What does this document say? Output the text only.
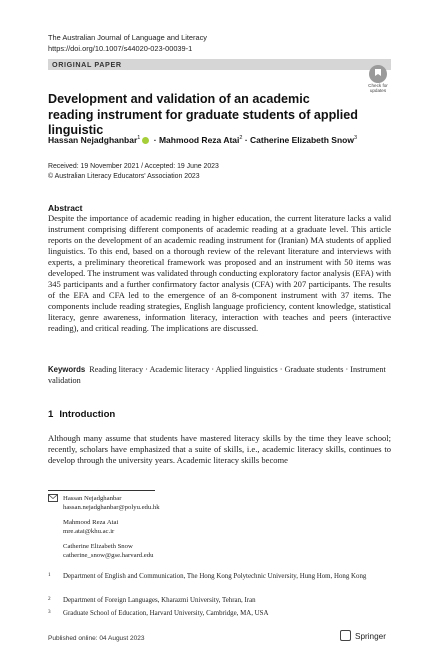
The Australian Journal of Language and Literacy
https://doi.org/10.1007/s44020-023-00039-1
ORIGINAL PAPER
Check for
updates
Development and validation of an academic reading instrument for graduate students of applied linguistic
Hassan Nejadghanbar$^1$ · Mahmood Reza Atai$^2$ · Catherine Elizabeth Snow$^3$
Received: 19 November 2021 / Accepted: 19 June 2023
© Australian Literacy Educators' Association 2023
Abstract
Despite the importance of academic reading in higher education, the current literature lacks a valid instrument comprising different components of academic reading at a graduate level. This article reports on the development of an academic reading instrument for (Iranian) MA students of applied linguistics. To this end, based on a thorough review of the relevant literature and interviews with experts, a preliminary theoretical framework was proposed and an instrument with 50 items was developed. The instrument was validated through conducting exploratory factor analysis (EFA) with 345 participants and a further confirmatory factor analysis (CFA) with 207 participants. The results of the EFA and CFA led to the emergence of an 8-component instrument with 37 items. The components include reading strategies, English language proficiency, content knowledge, statistical literacy, genre awareness, information literacy, interaction with teaches and peers (interactive reading), and critical reading. The implications are discussed.
Keywords Reading literacy · Academic literacy · Applied linguistics · Graduate students · Instrument validation
1 Introduction
Although many assume that students have mastered literacy skills by the time they leave school; recently, scholars have emphasized that a suite of skills, i.e., academic literacy skills, continues to develop through the university years. Academic literacy skills become
Hassan Nejadghanbar
hassan.nejadghanbar@polyu.edu.hk
Mahmood Reza Atai
mre.atai@khu.ac.ir
Catherine Elizabeth Snow
catherine_snow@gse.harvard.edu
1 Department of English and Communication, The Hong Kong Polytechnic University, Hung Hom, Hong Kong
2 Department of Foreign Languages, Kharazmi University, Tehran, Iran
3 Graduate School of Education, Harvard University, Cambridge, MA, USA
Published online: 04 August 2023	Springer
